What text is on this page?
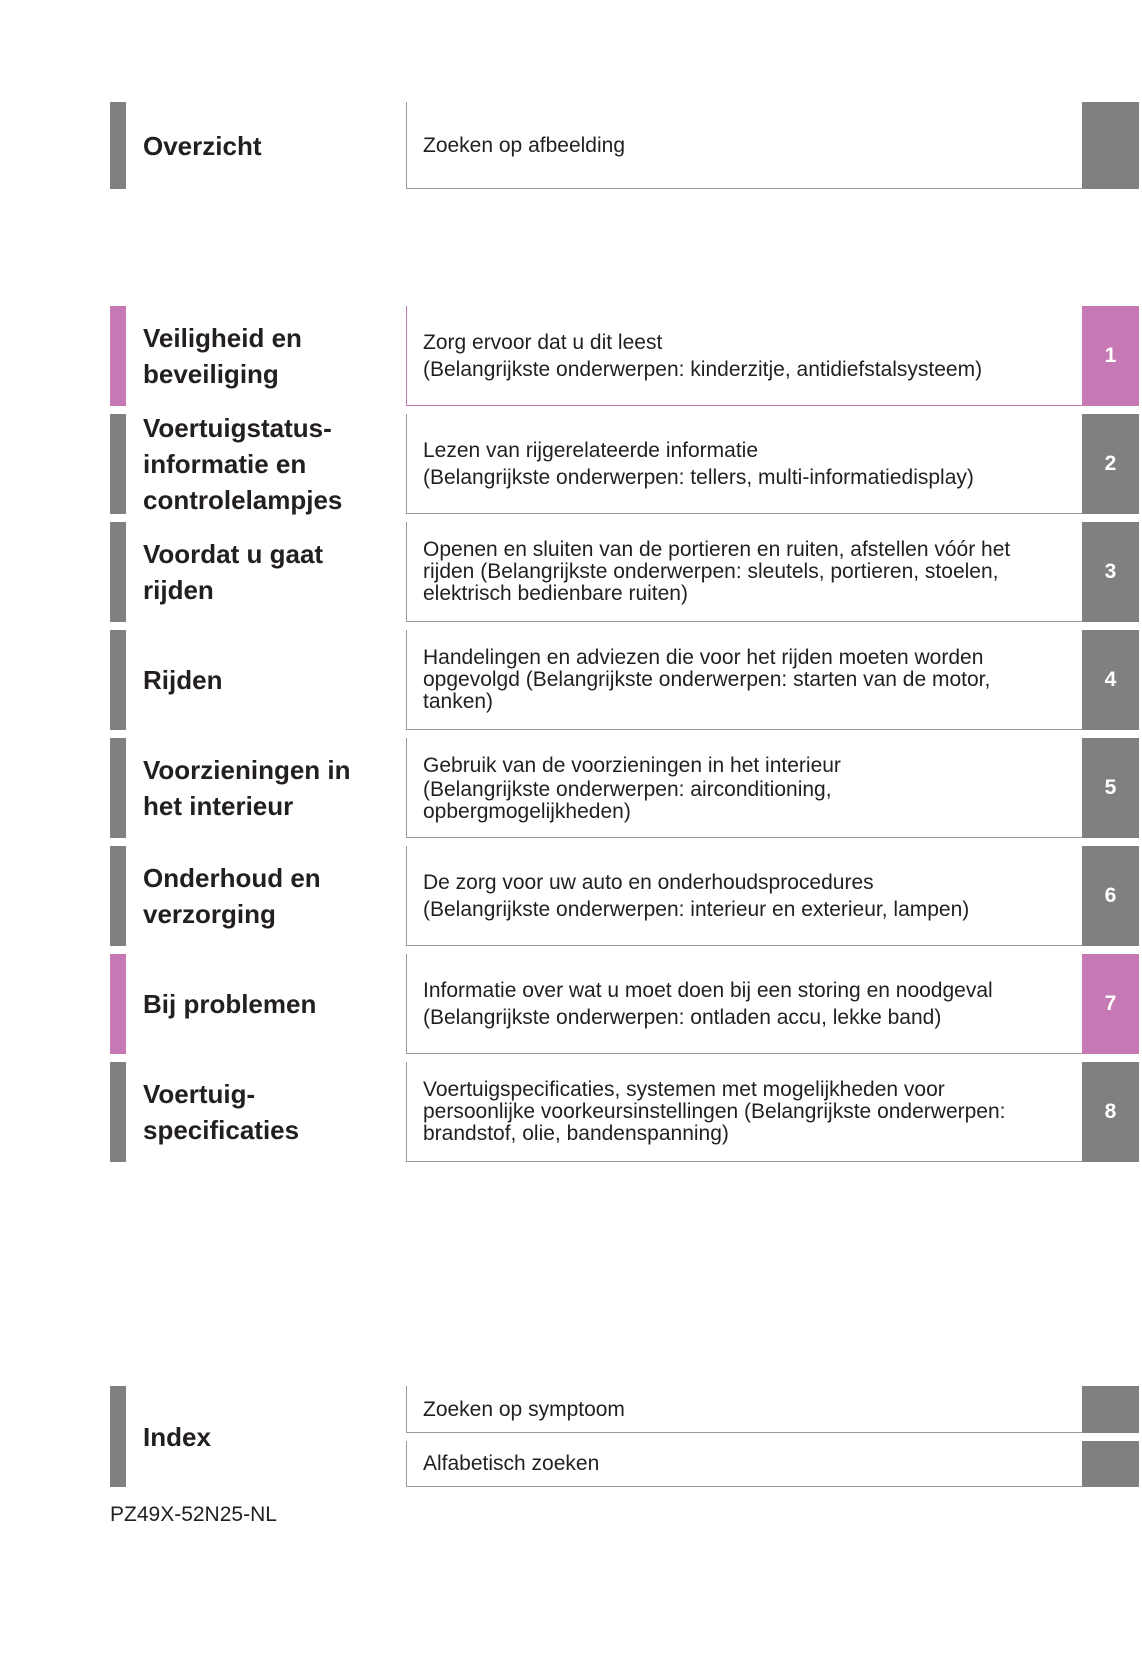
Overzicht	Zoeken op afbeelding
Veiligheid en
beveiliging
Zorg ervoor dat u dit leest
(Belangrijkste onderwerpen: kinderzitje, antidiefstalsysteem)
1
Voertuigstatus-
informatie en
controlelampjes
Lezen van rijgerelateerde informatie
(Belangrijkste onderwerpen: tellers, multi-informatiedisplay)
2
Voordat u gaat
rijden
Openen en sluiten van de portieren en ruiten, afstellen vóór het
rijden (Belangrijkste onderwerpen: sleutels, portieren, stoelen,
elektrisch bedienbare ruiten)
3
Rijden
Handelingen en adviezen die voor het rijden moeten worden
opgevolgd (Belangrijkste onderwerpen: starten van de motor,
tanken)
4
Voorzieningen in
het interieur
Gebruik van de voorzieningen in het interieur
(Belangrijkste onderwerpen: airconditioning,
opbergmogelijkheden)
5
Onderhoud en
verzorging
De zorg voor uw auto en onderhoudsprocedures
(Belangrijkste onderwerpen: interieur en exterieur, lampen)
6
Bij problemen	Informatie over wat u moet doen bij een storing en noodgeval
(Belangrijkste onderwerpen: ontladen accu, lekke band)
7
Voertuig-
specificaties
Voertuigspecificaties, systemen met mogelijkheden voor
persoonlijke voorkeursinstellingen (Belangrijkste onderwerpen:
brandstof, olie, bandenspanning)
8
Index
Zoeken op symptoom
Alfabetisch zoeken
PZ49X-52N25-NL
